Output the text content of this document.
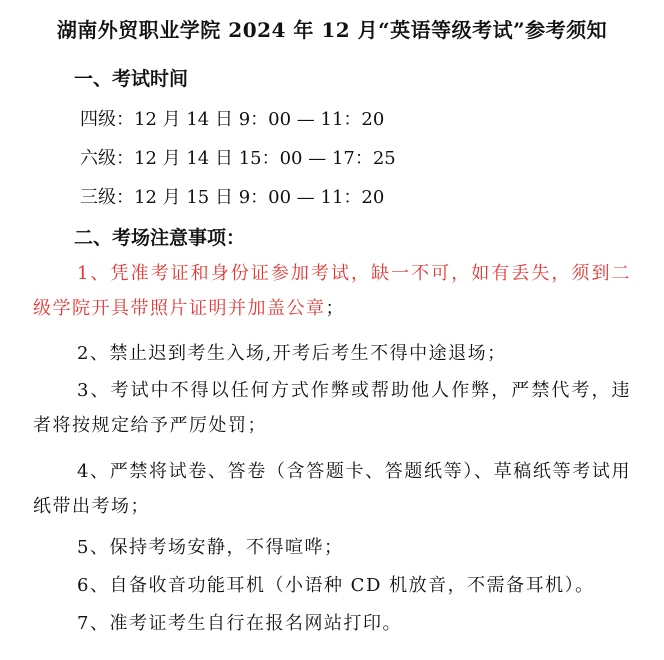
湖南外贸职业学院 2024 年 12 月“英语等级考试”参考须知
一、考试时间
四级：12 月 14 日 9：00 — 11：20
六级：12 月 14 日 15：00 — 17：25
三级：12 月 15 日 9：00 — 11：20
二、考场注意事项：
1、凭准考证和身份证参加考试，缺一不可，如有丢失，须到二级学院开具带照片证明并加盖公章；
2、禁止迟到考生入场,开考后考生不得中途退场；
3、考试中不得以任何方式作弊或帮助他人作弊，严禁代考，违者将按规定给予严厉处罚；
4、严禁将试卷、答卷（含答题卡、答题纸等）、草稿纸等考试用纸带出考场；
5、保持考场安静，不得喧哗；
6、自备收音功能耳机（小语种 CD 机放音，不需备耳机）。
7、准考证考生自行在报名网站打印。
